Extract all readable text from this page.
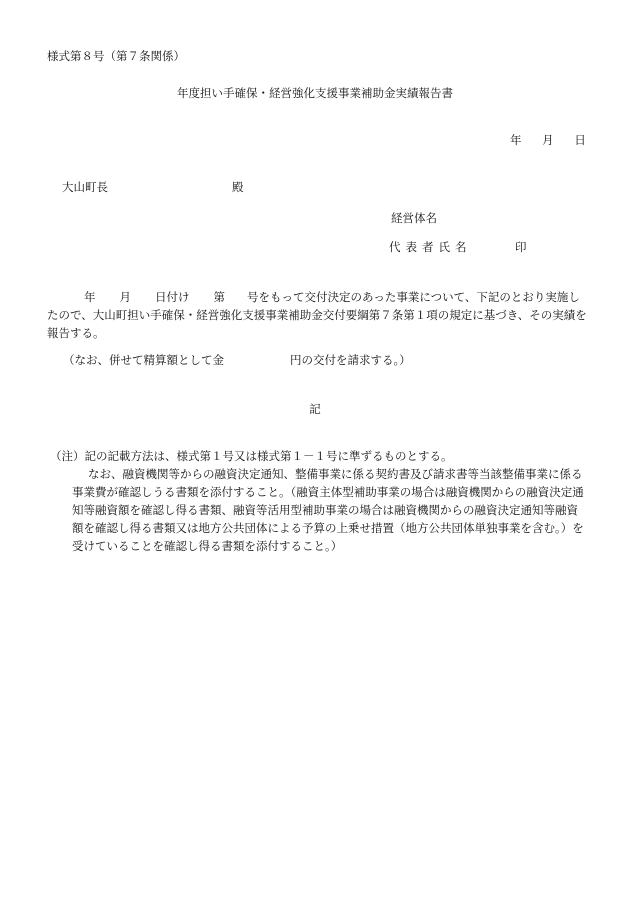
様式第８号（第７条関係）
年度担い手確保・経営強化支援事業補助金実績報告書
年 月 日
大山町長	殿
経営体名
代表者氏名	印
年 月 日付け 第 号をもって交付決定のあった事業について、下記のとおり実施したので、大山町担い手確保・経営強化支援事業補助金交付要綱第７条第１項の規定に基づき、その実績を報告する。
（なお、併せて精算額として金	円の交付を請求する。）
記
（注）記の記載方法は、様式第１号又は様式第１－１号に準ずるものとする。
なお、融資機関等からの融資決定通知、整備事業に係る契約書及び請求書等当該整備事業に係る事業費が確認しうる書類を添付すること。（融資主体型補助事業の場合は融資機関からの融資決定通知等融資額を確認し得る書類、融資等活用型補助事業の場合は融資機関からの融資決定通知等融資額を確認し得る書類又は地方公共団体による予算の上乗せ措置（地方公共団体単独事業を含む。）を受けていることを確認し得る書類を添付すること。）
